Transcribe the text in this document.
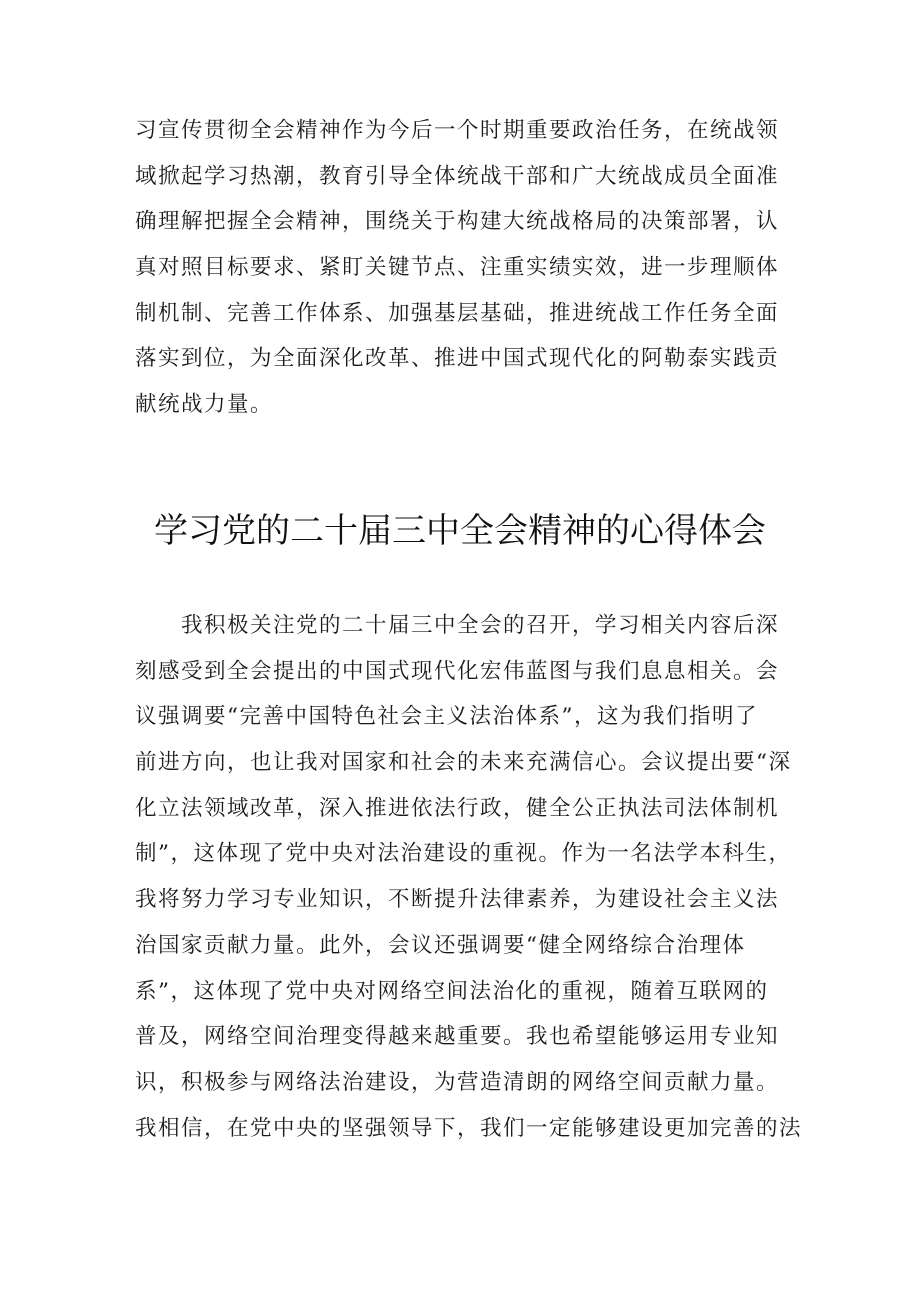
习宣传贯彻全会精神作为今后一个时期重要政治任务，在统战领
域掀起学习热潮，教育引导全体统战干部和广大统战成员全面准
确理解把握全会精神，围绕关于构建大统战格局的决策部署，认
真对照目标要求、紧盯关键节点、注重实绩实效，进一步理顺体
制机制、完善工作体系、加强基层基础，推进统战工作任务全面
落实到位，为全面深化改革、推进中国式现代化的阿勒泰实践贡
献统战力量。
学习党的二十届三中全会精神的心得体会
　　我积极关注党的二十届三中全会的召开，学习相关内容后深
刻感受到全会提出的中国式现代化宏伟蓝图与我们息息相关。会
议强调要“完善中国特色社会主义法治体系”，这为我们指明了
前进方向，也让我对国家和社会的未来充满信心。会议提出要“深
化立法领域改革，深入推进依法行政，健全公正执法司法体制机
制”，这体现了党中央对法治建设的重视。作为一名法学本科生，
我将努力学习专业知识，不断提升法律素养，为建设社会主义法
治国家贡献力量。此外，会议还强调要“健全网络综合治理体
系”，这体现了党中央对网络空间法治化的重视，随着互联网的
普及，网络空间治理变得越来越重要。我也希望能够运用专业知
识，积极参与网络法治建设，为营造清朗的网络空间贡献力量。
我相信，在党中央的坚强领导下，我们一定能够建设更加完善的法
